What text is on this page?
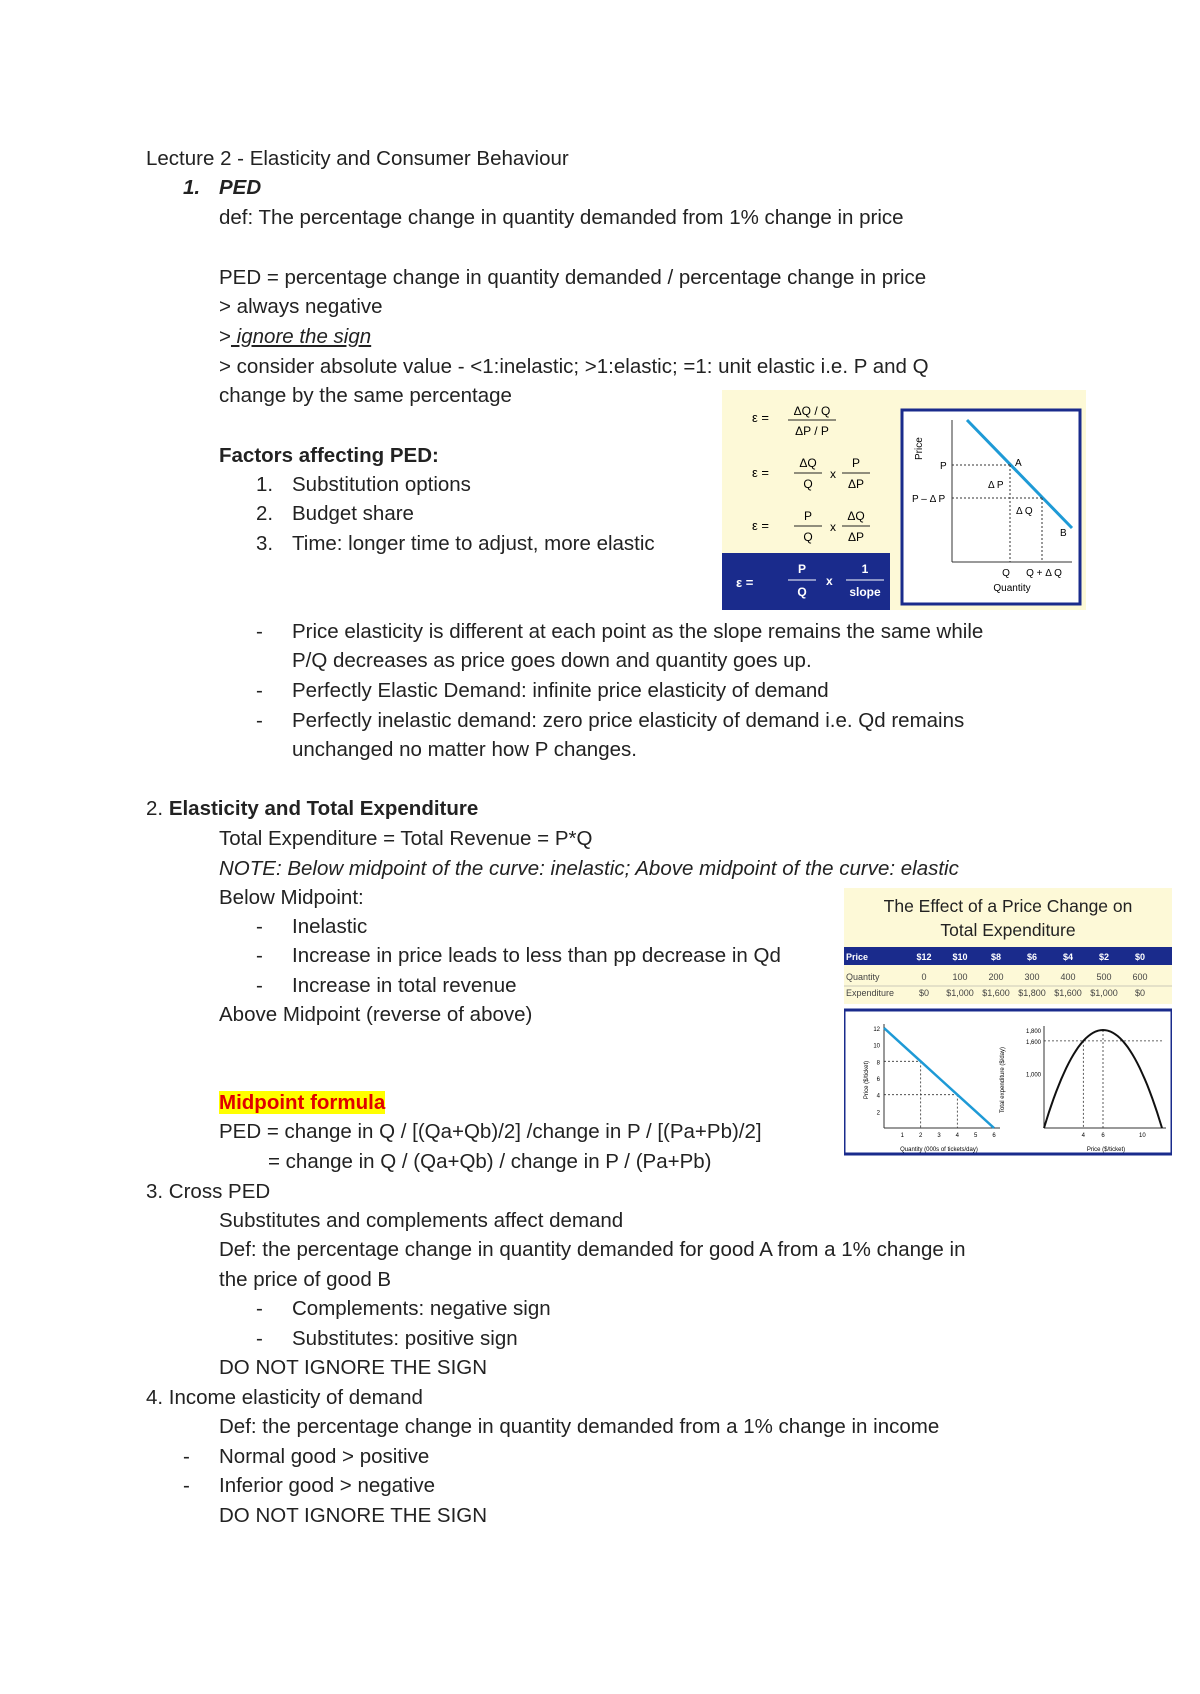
Lecture 2 - Elasticity and Consumer Behaviour
1. PED
def: The percentage change in quantity demanded from 1% change in price
PED = percentage change in quantity demanded / percentage change in price
> always negative
> ignore the sign
> consider absolute value - <1:inelastic; >1:elastic; =1: unit elastic i.e. P and Q
change by the same percentage
Factors affecting PED:
1. Substitution options
2. Budget share
3. Time: longer time to adjust, more elastic
- Price elasticity is different at each point as the slope remains the same while
P/Q decreases as price goes down and quantity goes up.
- Perfectly Elastic Demand: infinite price elasticity of demand
- Perfectly inelastic demand: zero price elasticity of demand i.e. Qd remains
unchanged no matter how P changes.
2. Elasticity and Total Expenditure
Total Expenditure = Total Revenue = P*Q
NOTE: Below midpoint of the curve: inelastic; Above midpoint of the curve: elastic
Below Midpoint:
- Inelastic
- Increase in price leads to less than pp decrease in Qd
- Increase in total revenue
Above Midpoint (reverse of above)
Midpoint formula
PED = change in Q / [(Qa+Qb)/2] /change in P / [(Pa+Pb)/2]
= change in Q / (Qa+Qb) / change in P / (Pa+Pb)
3. Cross PED
Substitutes and complements affect demand
Def: the percentage change in quantity demanded for good A from a 1% change in
the price of good B
- Complements: negative sign
- Substitutes: positive sign
DO NOT IGNORE THE SIGN
4. Income elasticity of demand
Def: the percentage change in quantity demanded from a 1% change in income
- Normal good > positive
- Inferior good > negative
DO NOT IGNORE THE SIGN
ε = ΔQ / Q
ΔP / P
ε =
ΔQ
Q
x
P
ΔP
ε =
P
Q
x
ΔQ
ΔP
ε =
P
Q
x
1
slope
Price
P
P – Δ P
A
B
Δ P
Δ Q
Q Q + Δ Q
Quantity
The Effect of a Price Change on
Total Expenditure
Price	$12 $10	$8	$6	$4	$2	$0
Quantity	0	100 200 300 400 500 600
Expenditure	$0 $1,000 $1,600 $1,800 $1,600 $1,000 $0
12
10
8
6
4
2
1 2 3 4 5 6
Quantity (000s of tickets/day)
Price ($/ticket)
1,800
1,600
1,000
4	6	10
Price ($/ticket)
Total expenditure ($/day)
